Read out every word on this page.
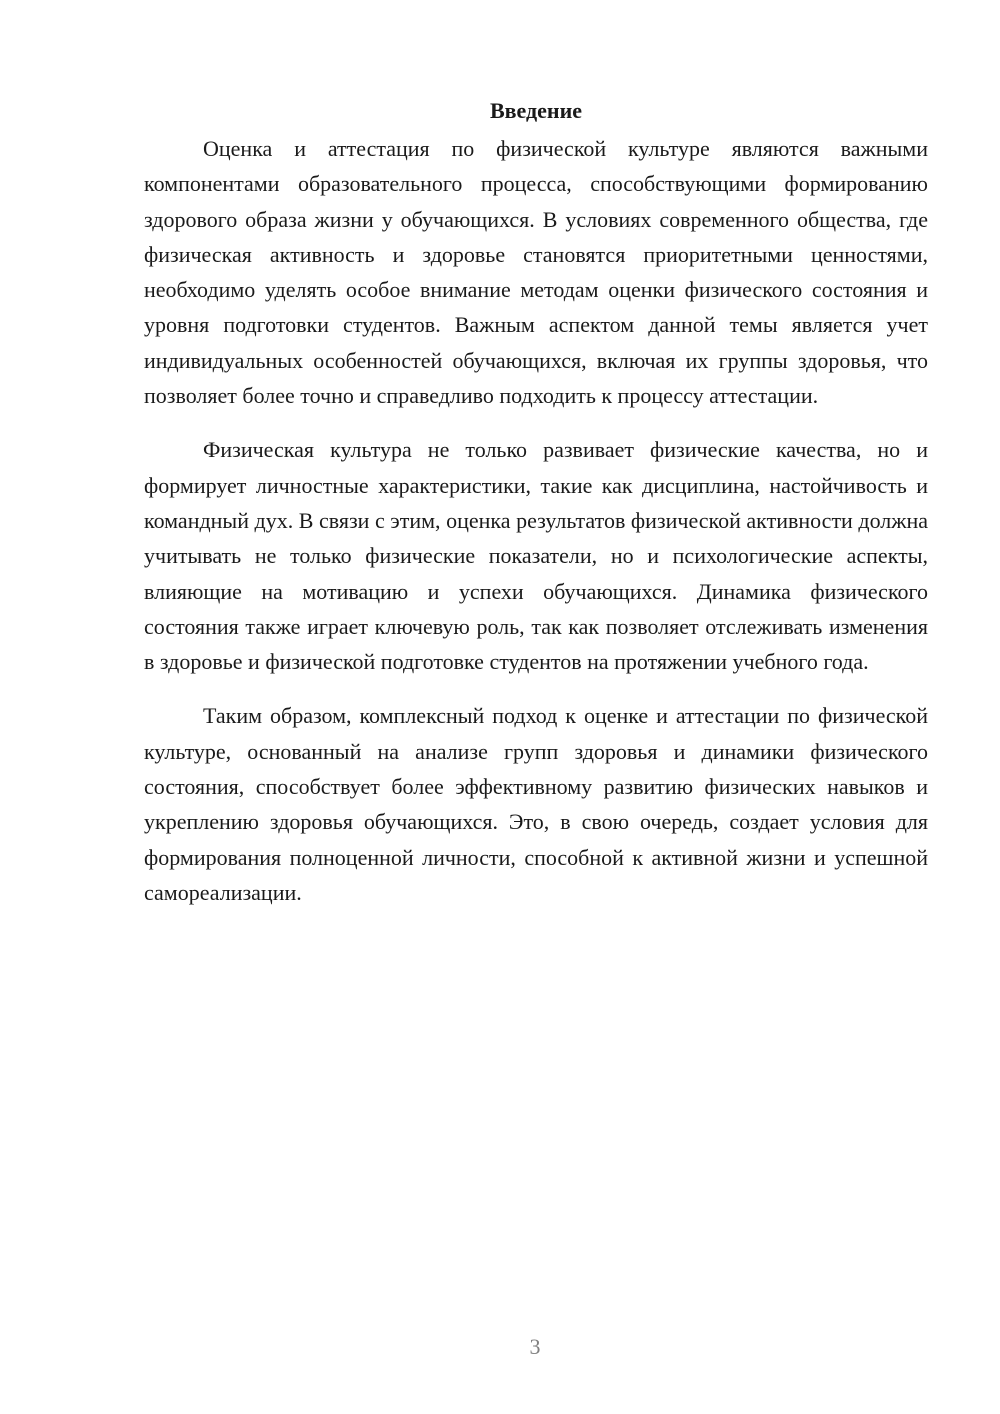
Введение

Оценка и аттестация по физической культуре являются важными компонентами образовательного процесса, способствующими формированию здорового образа жизни у обучающихся. В условиях современного общества, где физическая активность и здоровье становятся приоритетными ценностями, необходимо уделять особое внимание методам оценки физического состояния и уровня подготовки студентов. Важным аспектом данной темы является учет индивидуальных особенностей обучающихся, включая их группы здоровья, что позволяет более точно и справедливо подходить к процессу аттестации.

Физическая культура не только развивает физические качества, но и формирует личностные характеристики, такие как дисциплина, настойчивость и командный дух. В связи с этим, оценка результатов физической активности должна учитывать не только физические показатели, но и психологические аспекты, влияющие на мотивацию и успехи обучающихся. Динамика физического состояния также играет ключевую роль, так как позволяет отслеживать изменения в здоровье и физической подготовке студентов на протяжении учебного года.

Таким образом, комплексный подход к оценке и аттестации по физической культуре, основанный на анализе групп здоровья и динамики физического состояния, способствует более эффективному развитию физических навыков и укреплению здоровья обучающихся. Это, в свою очередь, создает условия для формирования полноценной личности, способной к активной жизни и успешной самореализации.

3
